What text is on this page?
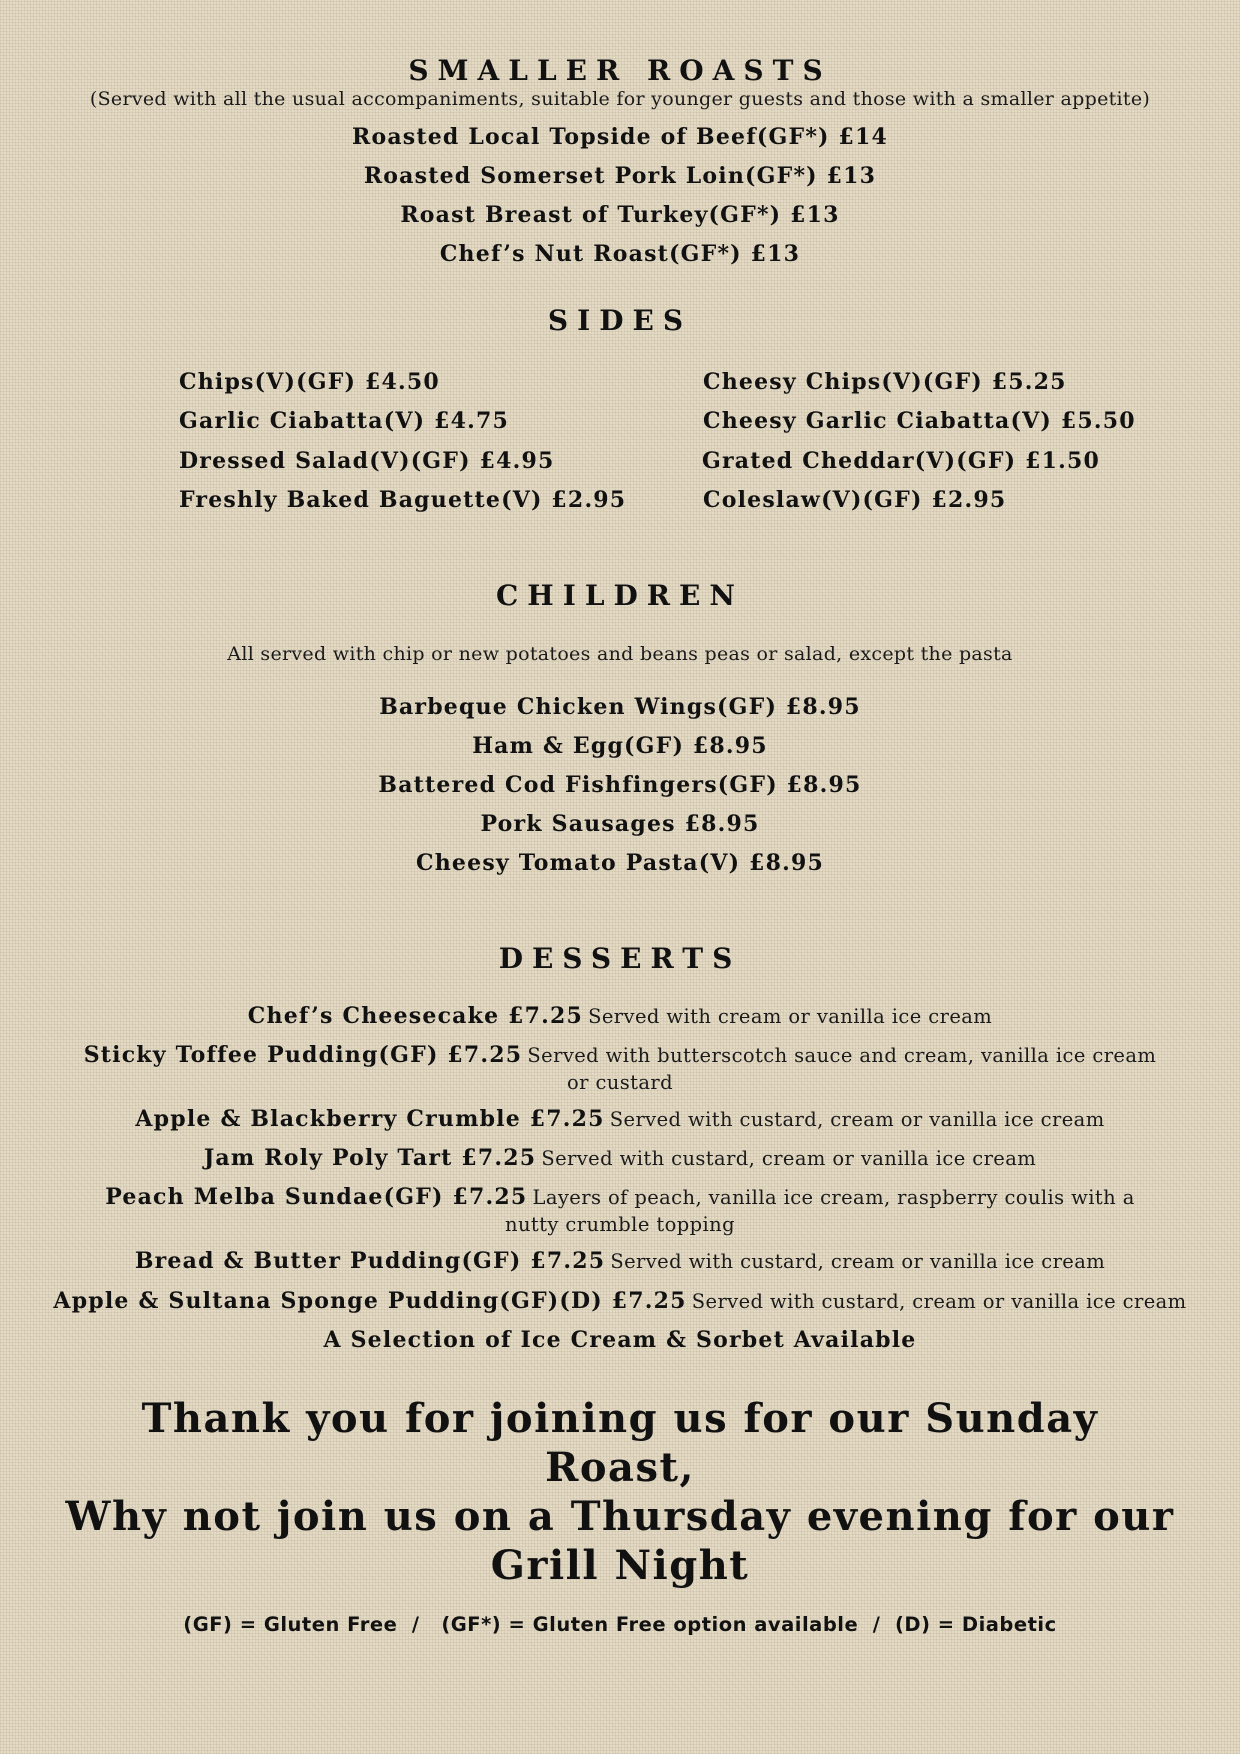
SMALLER ROASTS
(Served with all the usual accompaniments, suitable for younger guests and those with a smaller appetite)
Roasted Local Topside of Beef(GF*) £14
Roasted Somerset Pork Loin(GF*) £13
Roast Breast of Turkey(GF*) £13
Chef’s Nut Roast(GF*) £13
SIDES
Chips(V)(GF) £4.50
Garlic Ciabatta(V) £4.75
Dressed Salad(V)(GF) £4.95
Freshly Baked Baguette(V) £2.95
Cheesy Chips(V)(GF) £5.25
Cheesy Garlic Ciabatta(V) £5.50
Grated Cheddar(V)(GF) £1.50
Coleslaw(V)(GF) £2.95
CHILDREN
All served with chip or new potatoes and beans peas or salad, except the pasta
Barbeque Chicken Wings(GF) £8.95
Ham & Egg(GF) £8.95
Battered Cod Fishfingers(GF) £8.95
Pork Sausages £8.95
Cheesy Tomato Pasta(V) £8.95
DESSERTS
Chef’s Cheesecake £7.25 Served with cream or vanilla ice cream
Sticky Toffee Pudding(GF) £7.25 Served with butterscotch sauce and cream, vanilla ice cream or custard
Apple & Blackberry Crumble £7.25 Served with custard, cream or vanilla ice cream
Jam Roly Poly Tart £7.25 Served with custard, cream or vanilla ice cream
Peach Melba Sundae(GF) £7.25 Layers of peach, vanilla ice cream, raspberry coulis with a nutty crumble topping
Bread & Butter Pudding(GF) £7.25 Served with custard, cream or vanilla ice cream
Apple & Sultana Sponge Pudding(GF)(D) £7.25 Served with custard, cream or vanilla ice cream
A Selection of Ice Cream & Sorbet Available
Thank you for joining us for our Sunday Roast,
Why not join us on a Thursday evening for our
Grill Night
(GF) = Gluten Free  /   (GF*) = Gluten Free option available  /  (D) = Diabetic
